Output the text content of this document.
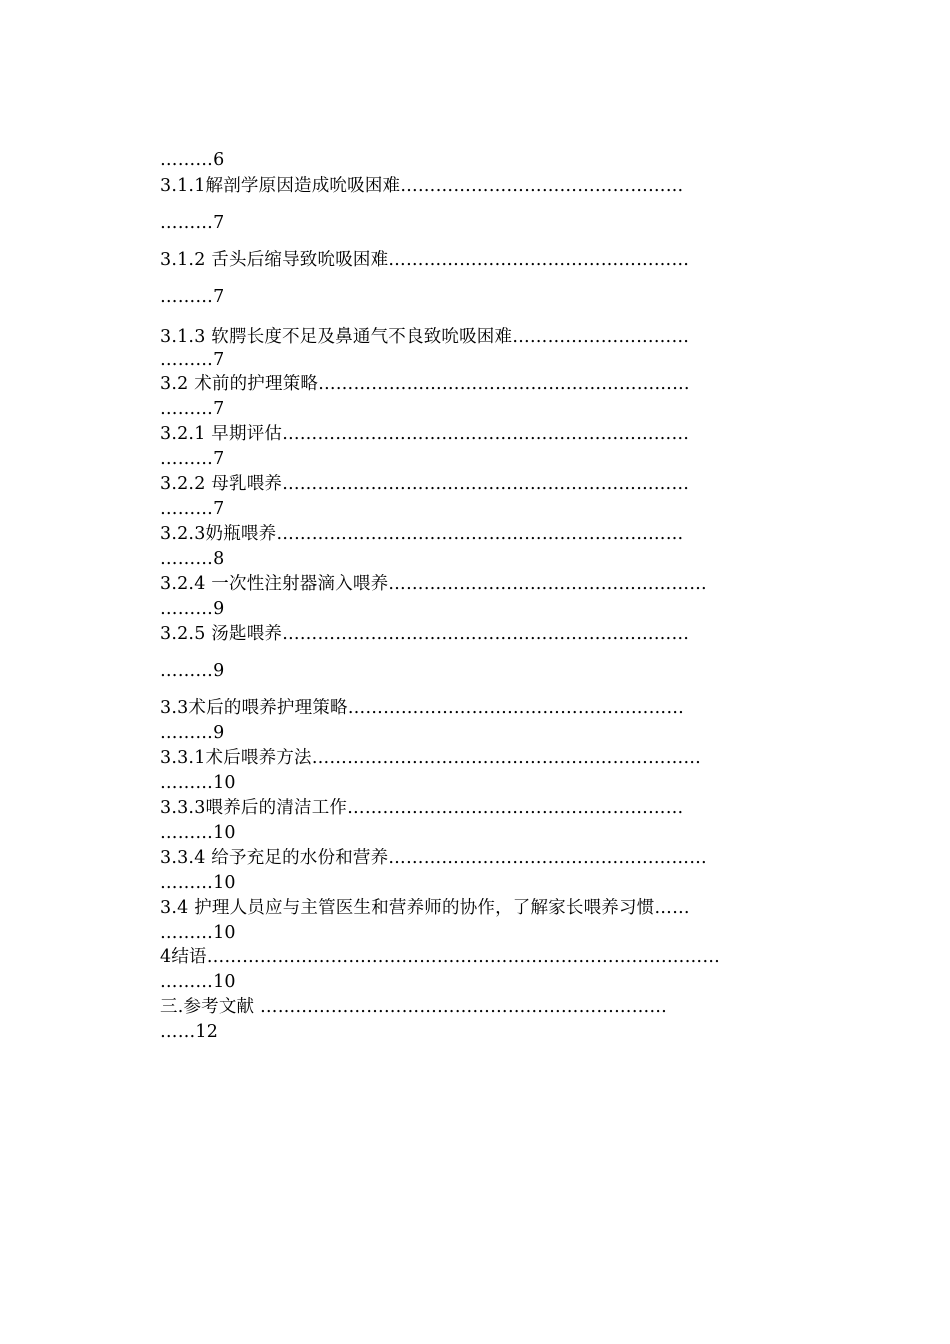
………6
3.1.1解剖学原因造成吮吸困难…………………………………………
………7
3.1.2 舌头后缩导致吮吸困难……………………………………………
………7
3.1.3 软腭长度不足及鼻通气不良致吮吸困难…………………………
………7
3.2 术前的护理策略………………………………………………………
………7
3.2.1 早期评估……………………………………………………………
………7
3.2.2 母乳喂养……………………………………………………………
………7
3.2.3奶瓶喂养……………………………………………………………
………8
3.2.4 一次性注射器滴入喂养………………………………………………
………9
3.2.5 汤匙喂养……………………………………………………………
………9
3.3术后的喂养护理策略…………………………………………………
………9
3.3.1术后喂养方法…………………………………………………………
………10
3.3.3喂养后的清洁工作…………………………………………………
………10
3.3.4 给予充足的水份和营养………………………………………………
………10
3.4 护理人员应与主管医生和营养师的协作，了解家长喂养习惯……
………10
4结语……………………………………………………………………………
………10
三.参考文献 ……………………………………………………………
……12
